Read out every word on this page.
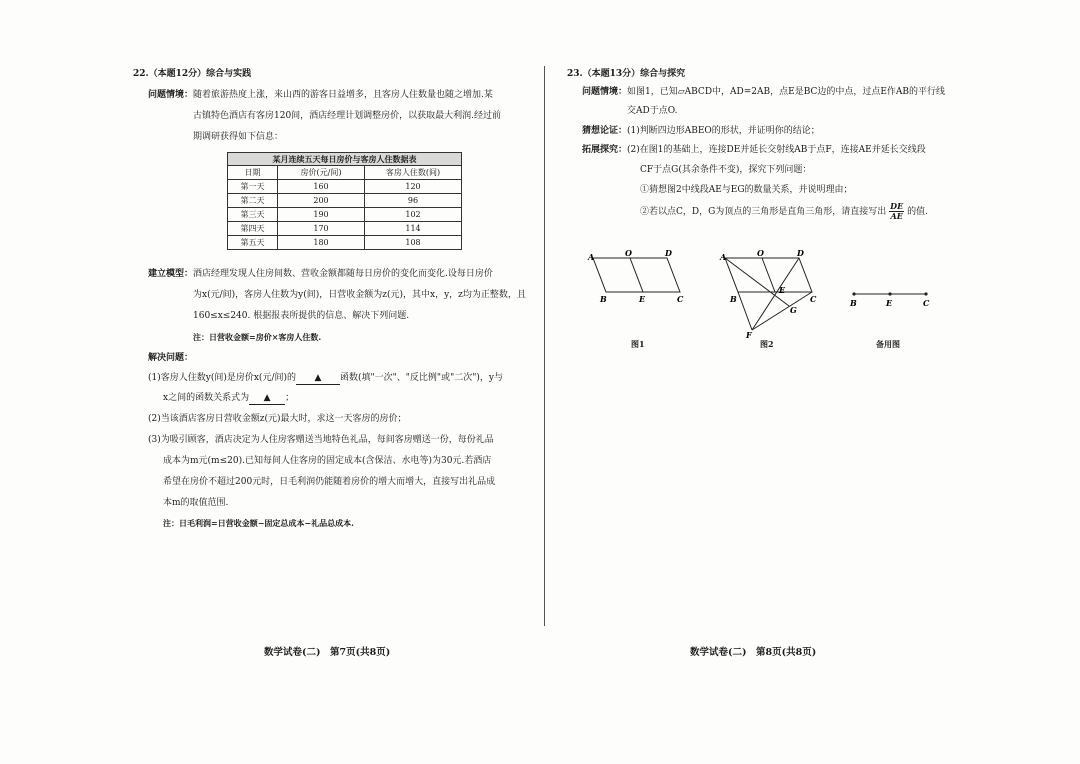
22.（本题12分）综合与实践
问题情境： 随着旅游热度上涨，来山西的游客日益增多，且客房人住数量也随之增加.某
古镇特色酒店有客房120间，酒店经理计划调整房价，以获取最大利润.经过前
期调研获得如下信息：
某月连续五天每日房价与客房人住数据表		
日期	房价(元/间)	客房人住数(间)
第一天	160	120
第二天	200	96
第三天	190	102
第四天	170	114
第五天	180	108
建立模型： 酒店经理发现人住房间数、营收金额都随每日房价的变化而变化.设每日房价
为x(元/间)，客房人住数为y(间)，日营收金额为z(元)，其中x，y，z均为正整数，且
160≤x≤240. 根据报表所提供的信息、解决下列问题.
注：日营收金额=房价×客房人住数.
解决问题：
(1)客房人住数y(间)是房价x(元/间)的 ▲ 函数(填"一次"、"反比例"或"二次")，y与
x之间的函数关系式为 ▲ ；
(2)当该酒店客房日营收金额z(元)最大时，求这一天客房的房价；
(3)为吸引顾客，酒店决定为人住房客赠送当地特色礼品，每间客房赠送一份，每份礼品
成本为m元(m≤20).已知每间人住客房的固定成本(含保洁、水电等)为30元.若酒店
希望在房价不超过200元时，日毛利润仍能随着房价的增大而增大，直接写出礼品成
本m的取值范围.
注：日毛利润=日营收金额−固定总成本−礼品总成本.
数学试卷(二)　第7页(共8页)
23.（本题13分）综合与探究
问题情境： 如图1，已知▱ABCD中，AD=2AB，点E是BC边的中点，过点E作AB的平行线
交AD于点O.
猜想论证： (1)判断四边形ABEO的形状，并证明你的结论；
拓展探究： (2)在图1的基础上，连接DE并延长交射线AB于点F，连接AE并延长交线段
CF于点G(其余条件不变)，探究下列问题：
①猜想图2中线段AE与EG的数量关系，并说明理由；
②若以点C，D，G为顶点的三角形是直角三角形，请直接写出 $\frac{DE}{AE}$ 的值.
A	O	D
B	E	C
A	O	D
E
B	C
G
F
B	E	C
图1	图2	备用图
数学试卷(二)　第8页(共8页)
